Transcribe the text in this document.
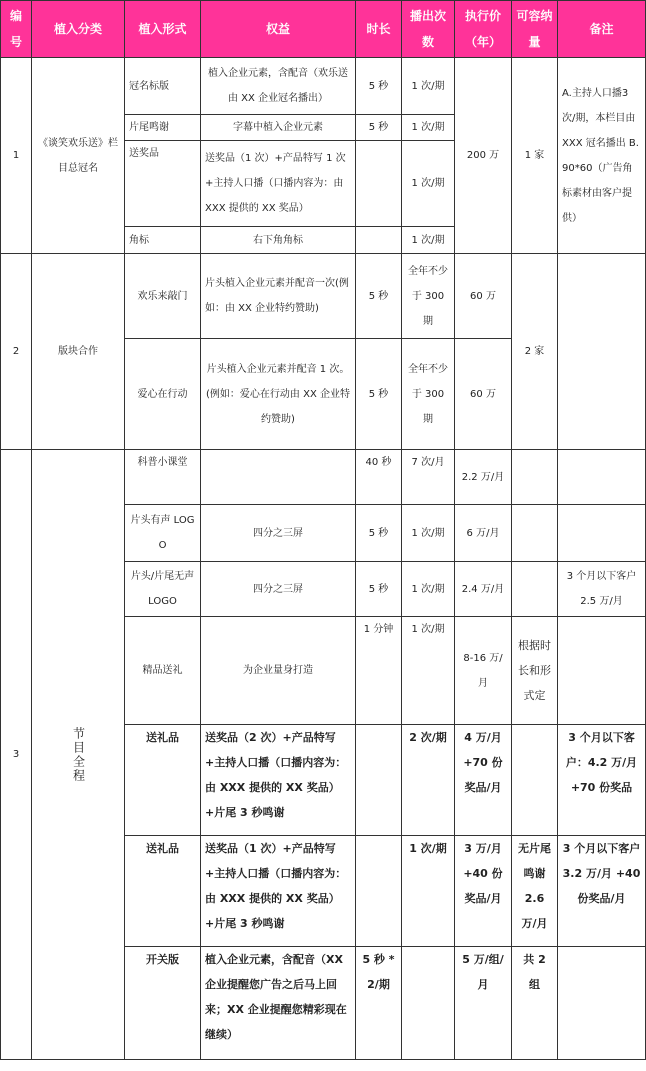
编号	植入分类	植入形式	权益	时长	播出次数	执行价（年）	可容纳量	备注
1	《谈笑欢乐送》栏目总冠名	冠名标版	植入企业元素，含配音（欢乐送由 XX 企业冠名播出）	5 秒	1 次/期	200 万	1 家	A.主持人口播3 次/期，本栏目由 XXX 冠名播出 B. 90*60（广告角标素材由客户提供）
		片尾鸣谢	字幕中植入企业元素	5 秒	1 次/期			
		送奖品	送奖品（1 次）+产品特写 1 次+主持人口播（口播内容为：由 XXX 提供的 XX 奖品）		1 次/期			
		角标	右下角角标		1 次/期			
2	版块合作	欢乐来敲门	片头植入企业元素并配音一次(例如：由 XX 企业特约赞助)	5 秒	全年不少于 300 期	60 万	2 家	
		爱心在行动	片头植入企业元素并配音 1 次。(例如：爱心在行动由 XX 企业特约赞助)	5 秒	全年不少于 300 期	60 万		
3	节目全程	科普小课堂		40 秒	7 次/月	2.2 万/月		
		片头有声 LOGO	四分之三屏	5 秒	1 次/期	6 万/月		
		片头/片尾无声 LOGO	四分之三屏	5 秒	1 次/期	2.4 万/月		3 个月以下客户 2.5 万/月
		精品送礼	为企业量身打造	1 分钟	1 次/期	8-16 万/月	根据时长和形式定	
		送礼品	送奖品（2 次）+产品特写+主持人口播（口播内容为：由 XXX 提供的 XX 奖品）+片尾 3 秒鸣谢		2 次/期	4 万/月 +70 份奖品/月		3 个月以下客户：4.2 万/月 +70 份奖品
		送礼品	送奖品（1 次）+产品特写+主持人口播（口播内容为：由 XXX 提供的 XX 奖品）+片尾 3 秒鸣谢		1 次/期	3 万/月 +40 份奖品/月	无片尾鸣谢 2.6 万/月	3 个月以下客户 3.2 万/月 +40 份奖品/月
		开关版	植入企业元素，含配音（XX 企业提醒您广告之后马上回来；XX 企业提醒您精彩现在继续）	5 秒 *2/期		5 万/组/月	共 2 组	
